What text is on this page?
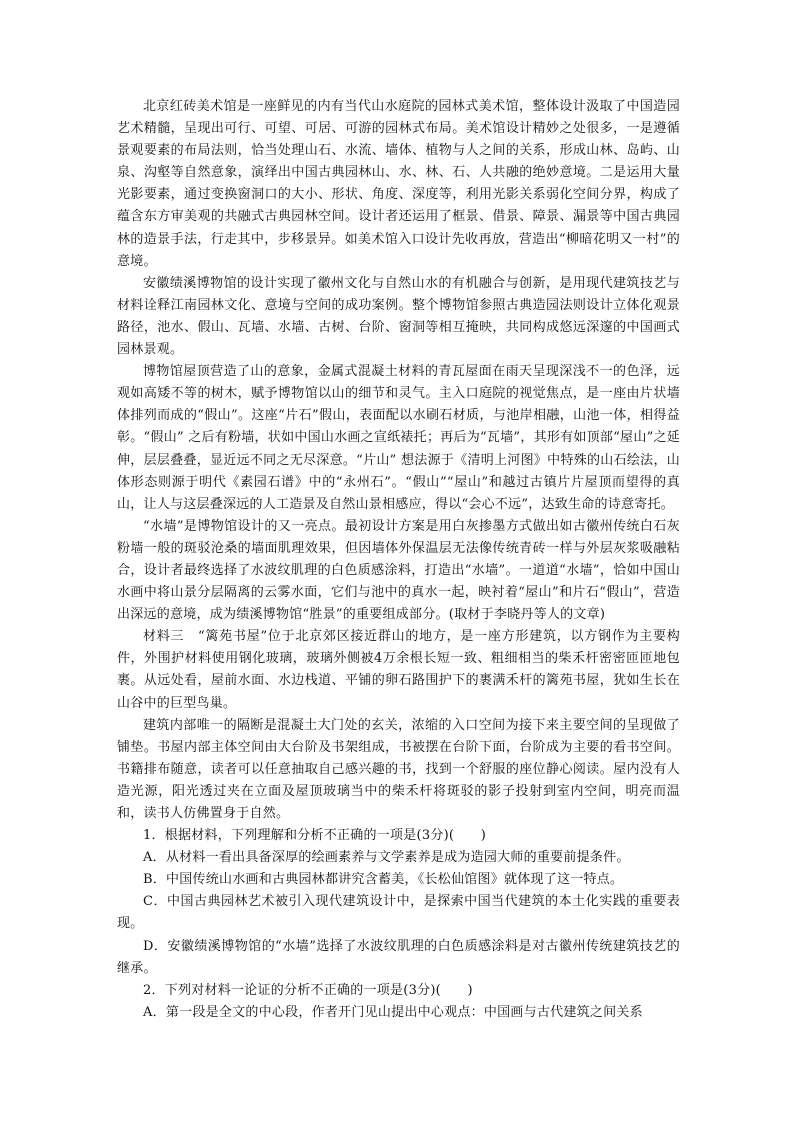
北京红砖美术馆是一座鲜见的内有当代山水庭院的园林式美术馆，整体设计汲取了中国造园艺术精髓，呈现出可行、可望、可居、可游的园林式布局。美术馆设计精妙之处很多，一是遵循景观要素的布局法则，恰当处理山石、水流、墙体、植物与人之间的关系，形成山林、岛屿、山泉、沟壑等自然意象，演绎出中国古典园林山、水、林、石、人共融的绝妙意境。二是运用大量光影要素，通过变换窗洞口的大小、形状、角度、深度等，利用光影关系弱化空间分界，构成了蕴含东方审美观的共融式古典园林空间。设计者还运用了框景、借景、障景、漏景等中国古典园林的造景手法，行走其中，步移景异。如美术馆入口设计先收再放，营造出“柳暗花明又一村”的意境。

安徽绩溪博物馆的设计实现了徽州文化与自然山水的有机融合与创新，是用现代建筑技艺与材料诠释江南园林文化、意境与空间的成功案例。整个博物馆参照古典造园法则设计立体化观景路径，池水、假山、瓦墙、水墙、古树、台阶、窗洞等相互掩映，共同构成悠远深邃的中国画式园林景观。

博物馆屋顶营造了山的意象，金属式混凝土材料的青瓦屋面在雨天呈现深浅不一的色泽，远观如高矮不等的树木，赋予博物馆以山的细节和灵气。主入口庭院的视觉焦点，是一座由片状墙体排列而成的“假山”。这座“片石”假山，表面配以水刷石材质，与池岸相融，山池一体，相得益彰。“假山” 之后有粉墙，状如中国山水画之宣纸裱托；再后为“瓦墙”，其形有如顶部“屋山”之延伸，层层叠叠，显近远不同之无尽深意。“片山” 想法源于《清明上河图》中特殊的山石绘法，山体形态则源于明代《素园石谱》中的“永州石”。“假山”“屋山”和越过古镇片片屋顶而望得的真山，让人与这层叠深远的人工造景及自然山景相感应，得以“会心不远”，达致生命的诗意寄托。

“水墙”是博物馆设计的又一亮点。最初设计方案是用白灰掺墨方式做出如古徽州传统白石灰粉墙一般的斑驳沧桑的墙面肌理效果，但因墙体外保温层无法像传统青砖一样与外层灰浆吸融粘合，设计者最终选择了水波纹肌理的白色质感涂料，打造出“水墙”。一道道“水墙”，恰如中国山水画中将山景分层隔离的云雾水面，它们与池中的真水一起，映衬着“屋山”和片石“假山”，营造出深远的意境，成为绩溪博物馆“胜景”的重要组成部分。(取材于李晓丹等人的文章)

材料三　“篱苑书屋”位于北京郊区接近群山的地方，是一座方形建筑，以方钢作为主要构件，外围护材料使用钢化玻璃，玻璃外侧被4万余根长短一致、粗细相当的柴禾杆密密匝匝地包裹。从远处看，屋前水面、水边栈道、平铺的卵石路围护下的裹满禾杆的篱苑书屋，犹如生长在山谷中的巨型鸟巢。

建筑内部唯一的隔断是混凝土大门处的玄关，浓缩的入口空间为接下来主要空间的呈现做了铺垫。书屋内部主体空间由大台阶及书架组成，书被摆在台阶下面，台阶成为主要的看书空间。书籍排布随意，读者可以任意抽取自己感兴趣的书，找到一个舒服的座位静心阅读。屋内没有人造光源，阳光透过夹在立面及屋顶玻璃当中的柴禾杆将斑驳的影子投射到室内空间，明亮而温和，读书人仿佛置身于自然。

1．根据材料，下列理解和分析不正确的一项是(3分)(　　)

A．从材料一看出具备深厚的绘画素养与文学素养是成为造园大师的重要前提条件。

B．中国传统山水画和古典园林都讲究含蓄美，《长松仙馆图》就体现了这一特点。

C．中国古典园林艺术被引入现代建筑设计中，是探索中国当代建筑的本土化实践的重要表现。

D．安徽绩溪博物馆的“水墙”选择了水波纹肌理的白色质感涂料是对古徽州传统建筑技艺的继承。

2．下列对材料一论证的分析不正确的一项是(3分)(　　)

A．第一段是全文的中心段，作者开门见山提出中心观点：中国画与古代建筑之间关系
